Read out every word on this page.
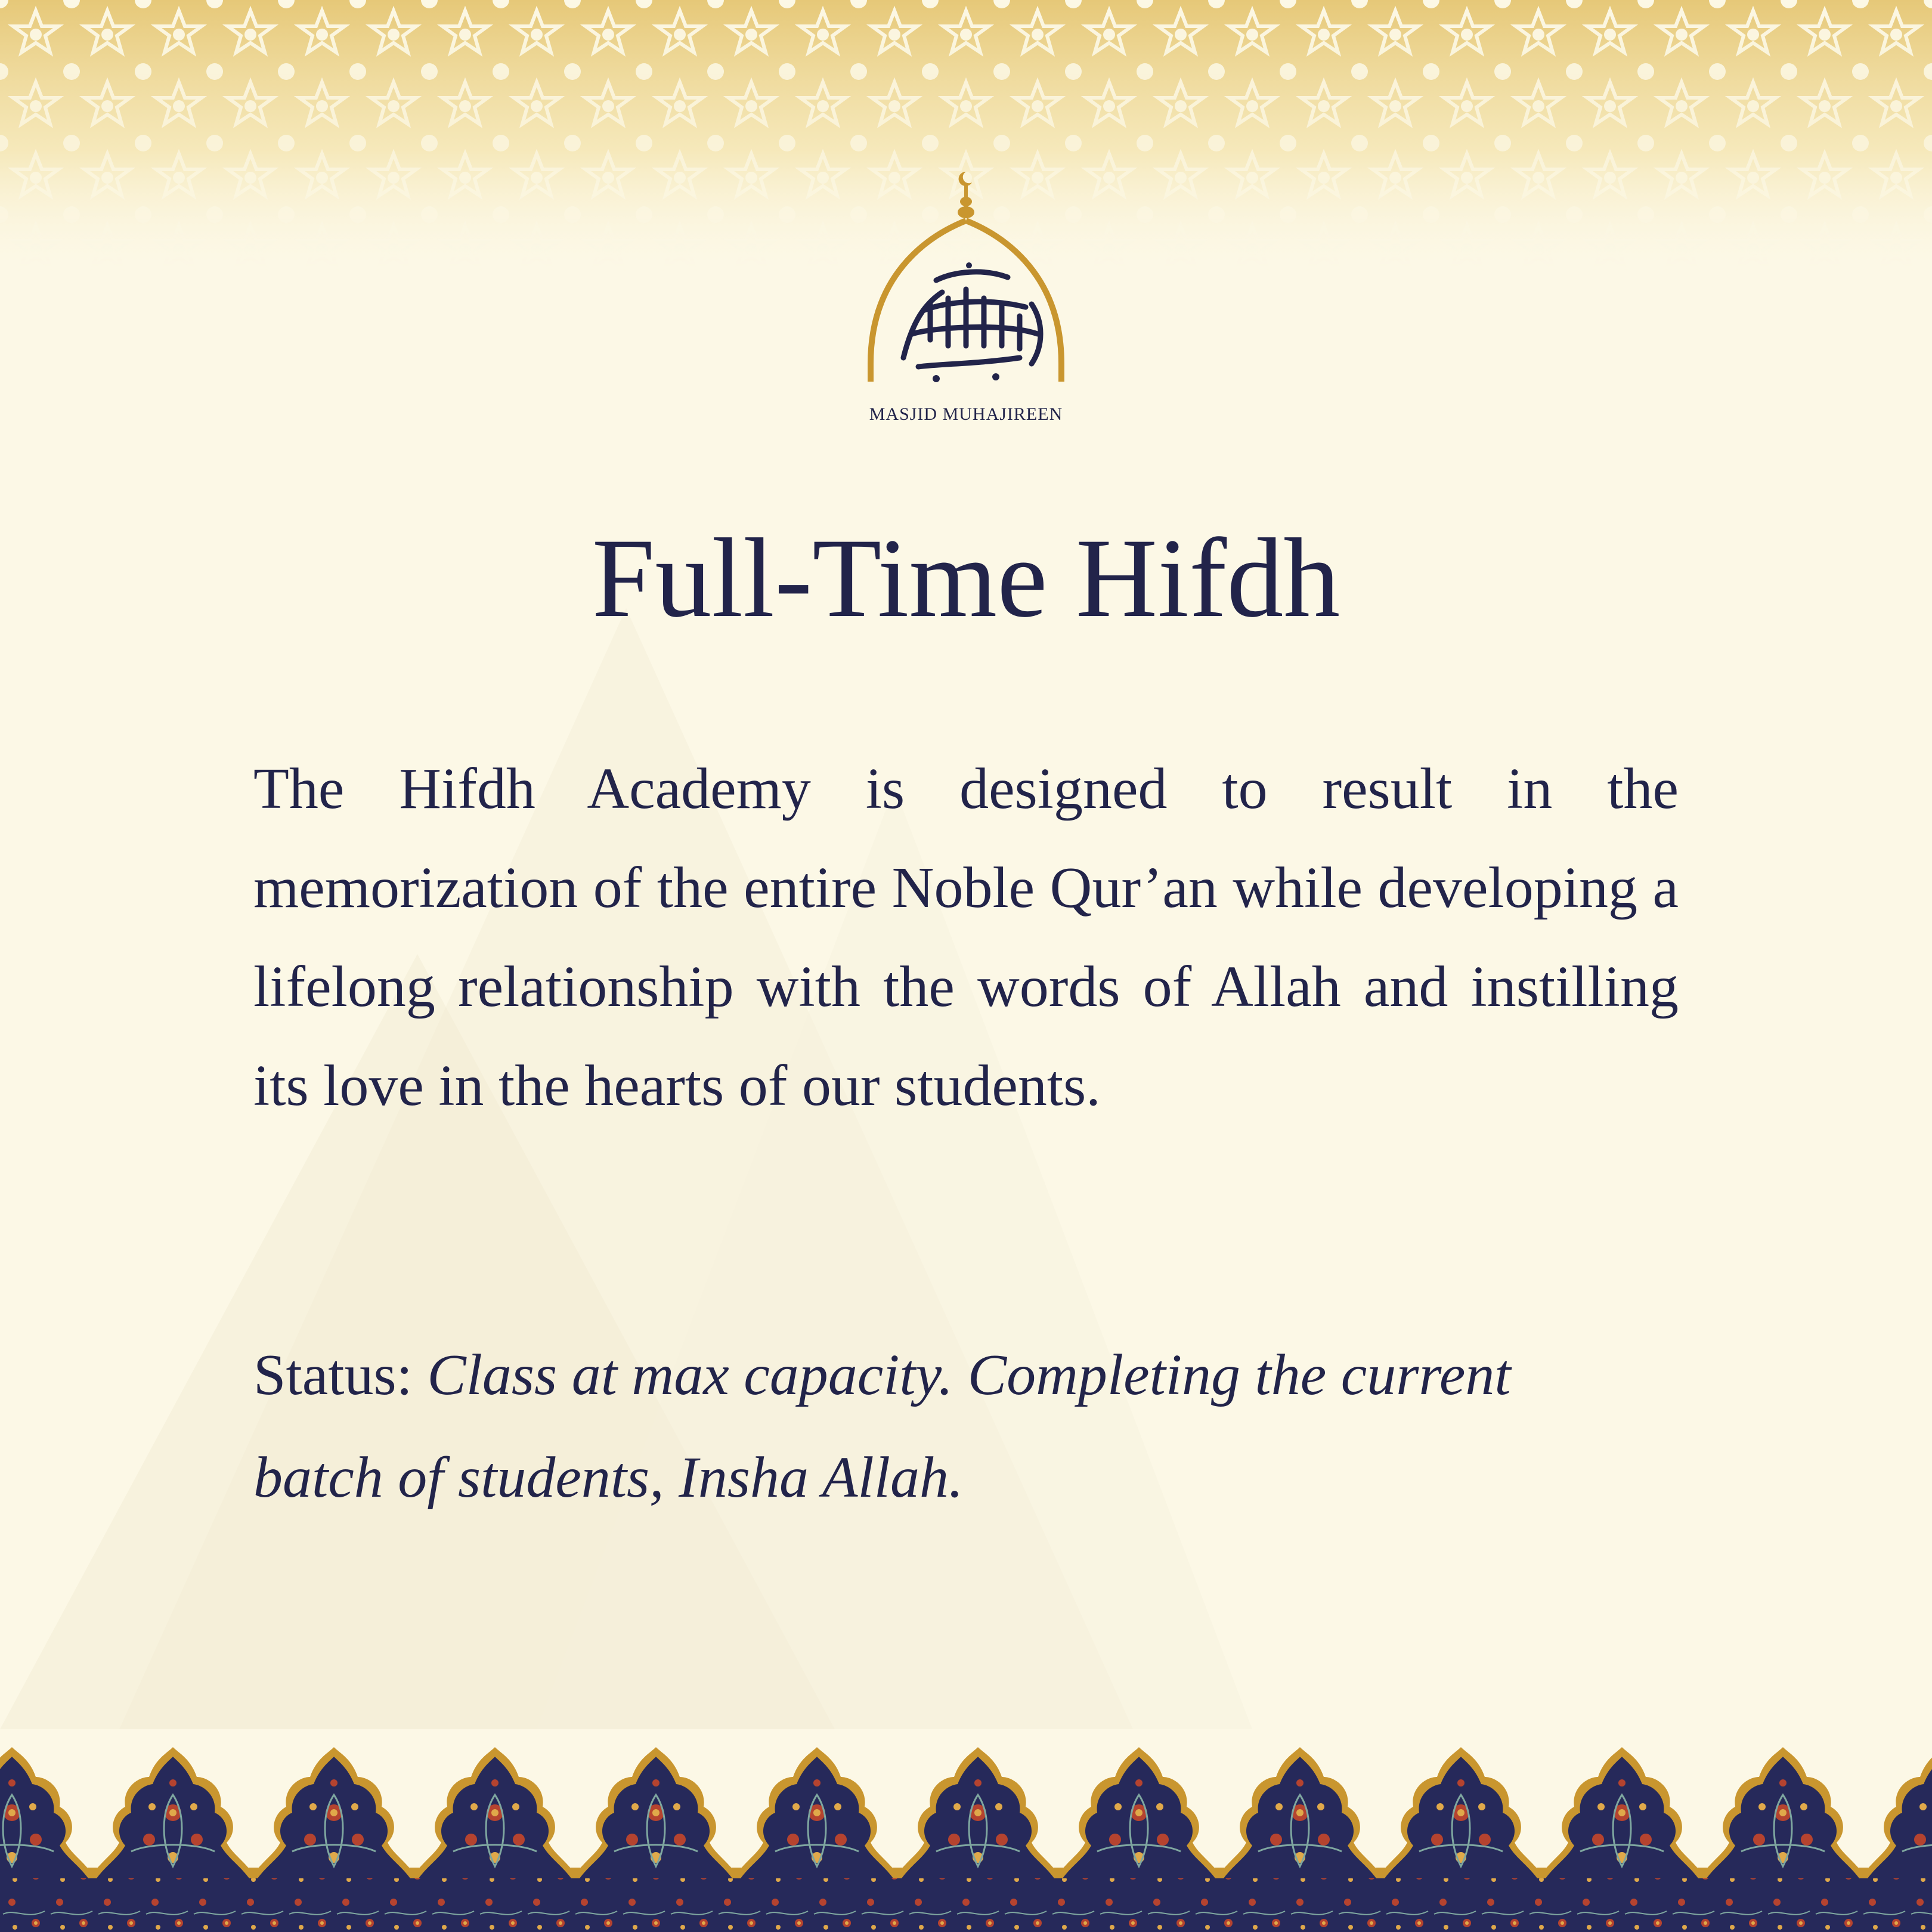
MASJID MUHAJIREEN
Full-Time Hifdh

The Hifdh Academy is designed to result in the memorization of the entire Noble Qur’an while developing a lifelong relationship with the words of Allah and instilling its love in the hearts of our students.

Status: Class at max capacity. Completing the current batch of students, Insha Allah.
